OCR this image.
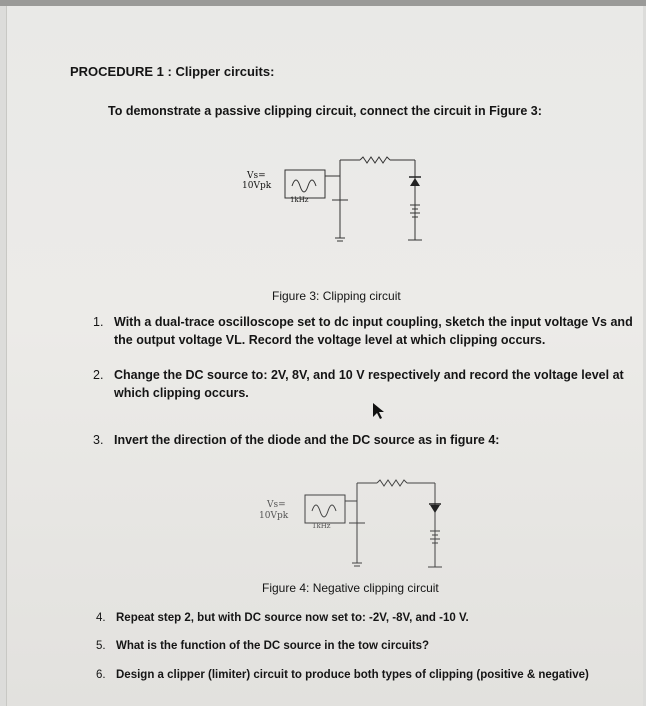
PROCEDURE 1 : Clipper circuits:
To demonstrate a passive clipping circuit, connect the circuit in Figure 3:
Vs=
10Vpk
1kHz
Figure 3: Clipping circuit
1. With a dual-trace oscilloscope set to dc input coupling, sketch the input voltage Vs and
the output voltage VL. Record the voltage level at which clipping occurs.
2. Change the DC source to: 2V, 8V, and 10 V respectively and record the voltage level at
which clipping occurs.
3. Invert the direction of the diode and the DC source as in figure 4:
Vs=
10Vpk
1kHz
Figure 4: Negative clipping circuit
4. Repeat step 2, but with DC source now set to: -2V, -8V, and -10 V.
5. What is the function of the DC source in the tow circuits?
6. Design a clipper (limiter) circuit to produce both types of clipping (positive & negative)
